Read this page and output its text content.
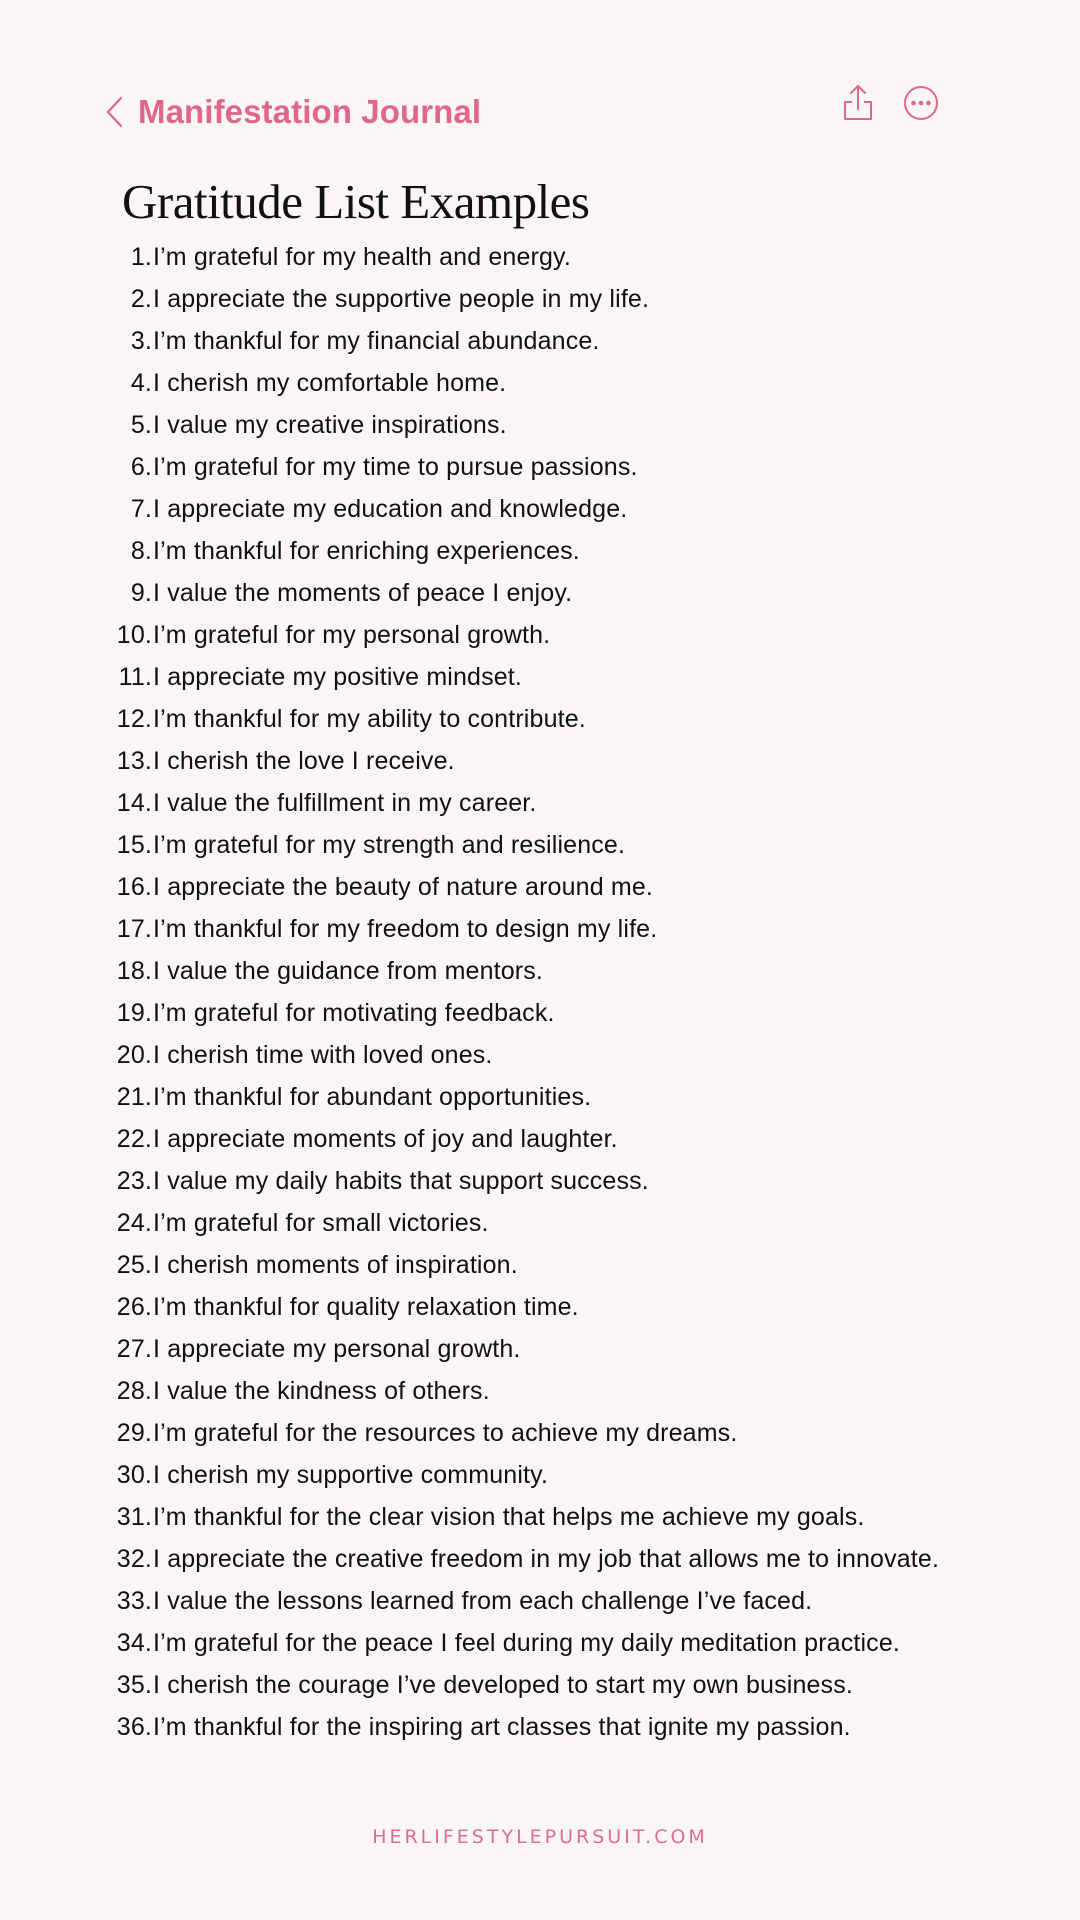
Manifestation Journal
Gratitude List Examples
1. I’m grateful for my health and energy.
2. I appreciate the supportive people in my life.
3. I’m thankful for my financial abundance.
4. I cherish my comfortable home.
5. I value my creative inspirations.
6. I’m grateful for my time to pursue passions.
7. I appreciate my education and knowledge.
8. I’m thankful for enriching experiences.
9. I value the moments of peace I enjoy.
10. I’m grateful for my personal growth.
11. I appreciate my positive mindset.
12. I’m thankful for my ability to contribute.
13. I cherish the love I receive.
14. I value the fulfillment in my career.
15. I’m grateful for my strength and resilience.
16. I appreciate the beauty of nature around me.
17. I’m thankful for my freedom to design my life.
18. I value the guidance from mentors.
19. I’m grateful for motivating feedback.
20. I cherish time with loved ones.
21. I’m thankful for abundant opportunities.
22. I appreciate moments of joy and laughter.
23. I value my daily habits that support success.
24. I’m grateful for small victories.
25. I cherish moments of inspiration.
26. I’m thankful for quality relaxation time.
27. I appreciate my personal growth.
28. I value the kindness of others.
29. I’m grateful for the resources to achieve my dreams.
30. I cherish my supportive community.
31. I’m thankful for the clear vision that helps me achieve my goals.
32. I appreciate the creative freedom in my job that allows me to innovate.
33. I value the lessons learned from each challenge I’ve faced.
34. I’m grateful for the peace I feel during my daily meditation practice.
35. I cherish the courage I’ve developed to start my own business.
36. I’m thankful for the inspiring art classes that ignite my passion.
HERLIFESTYLEPURSUIT.COM
